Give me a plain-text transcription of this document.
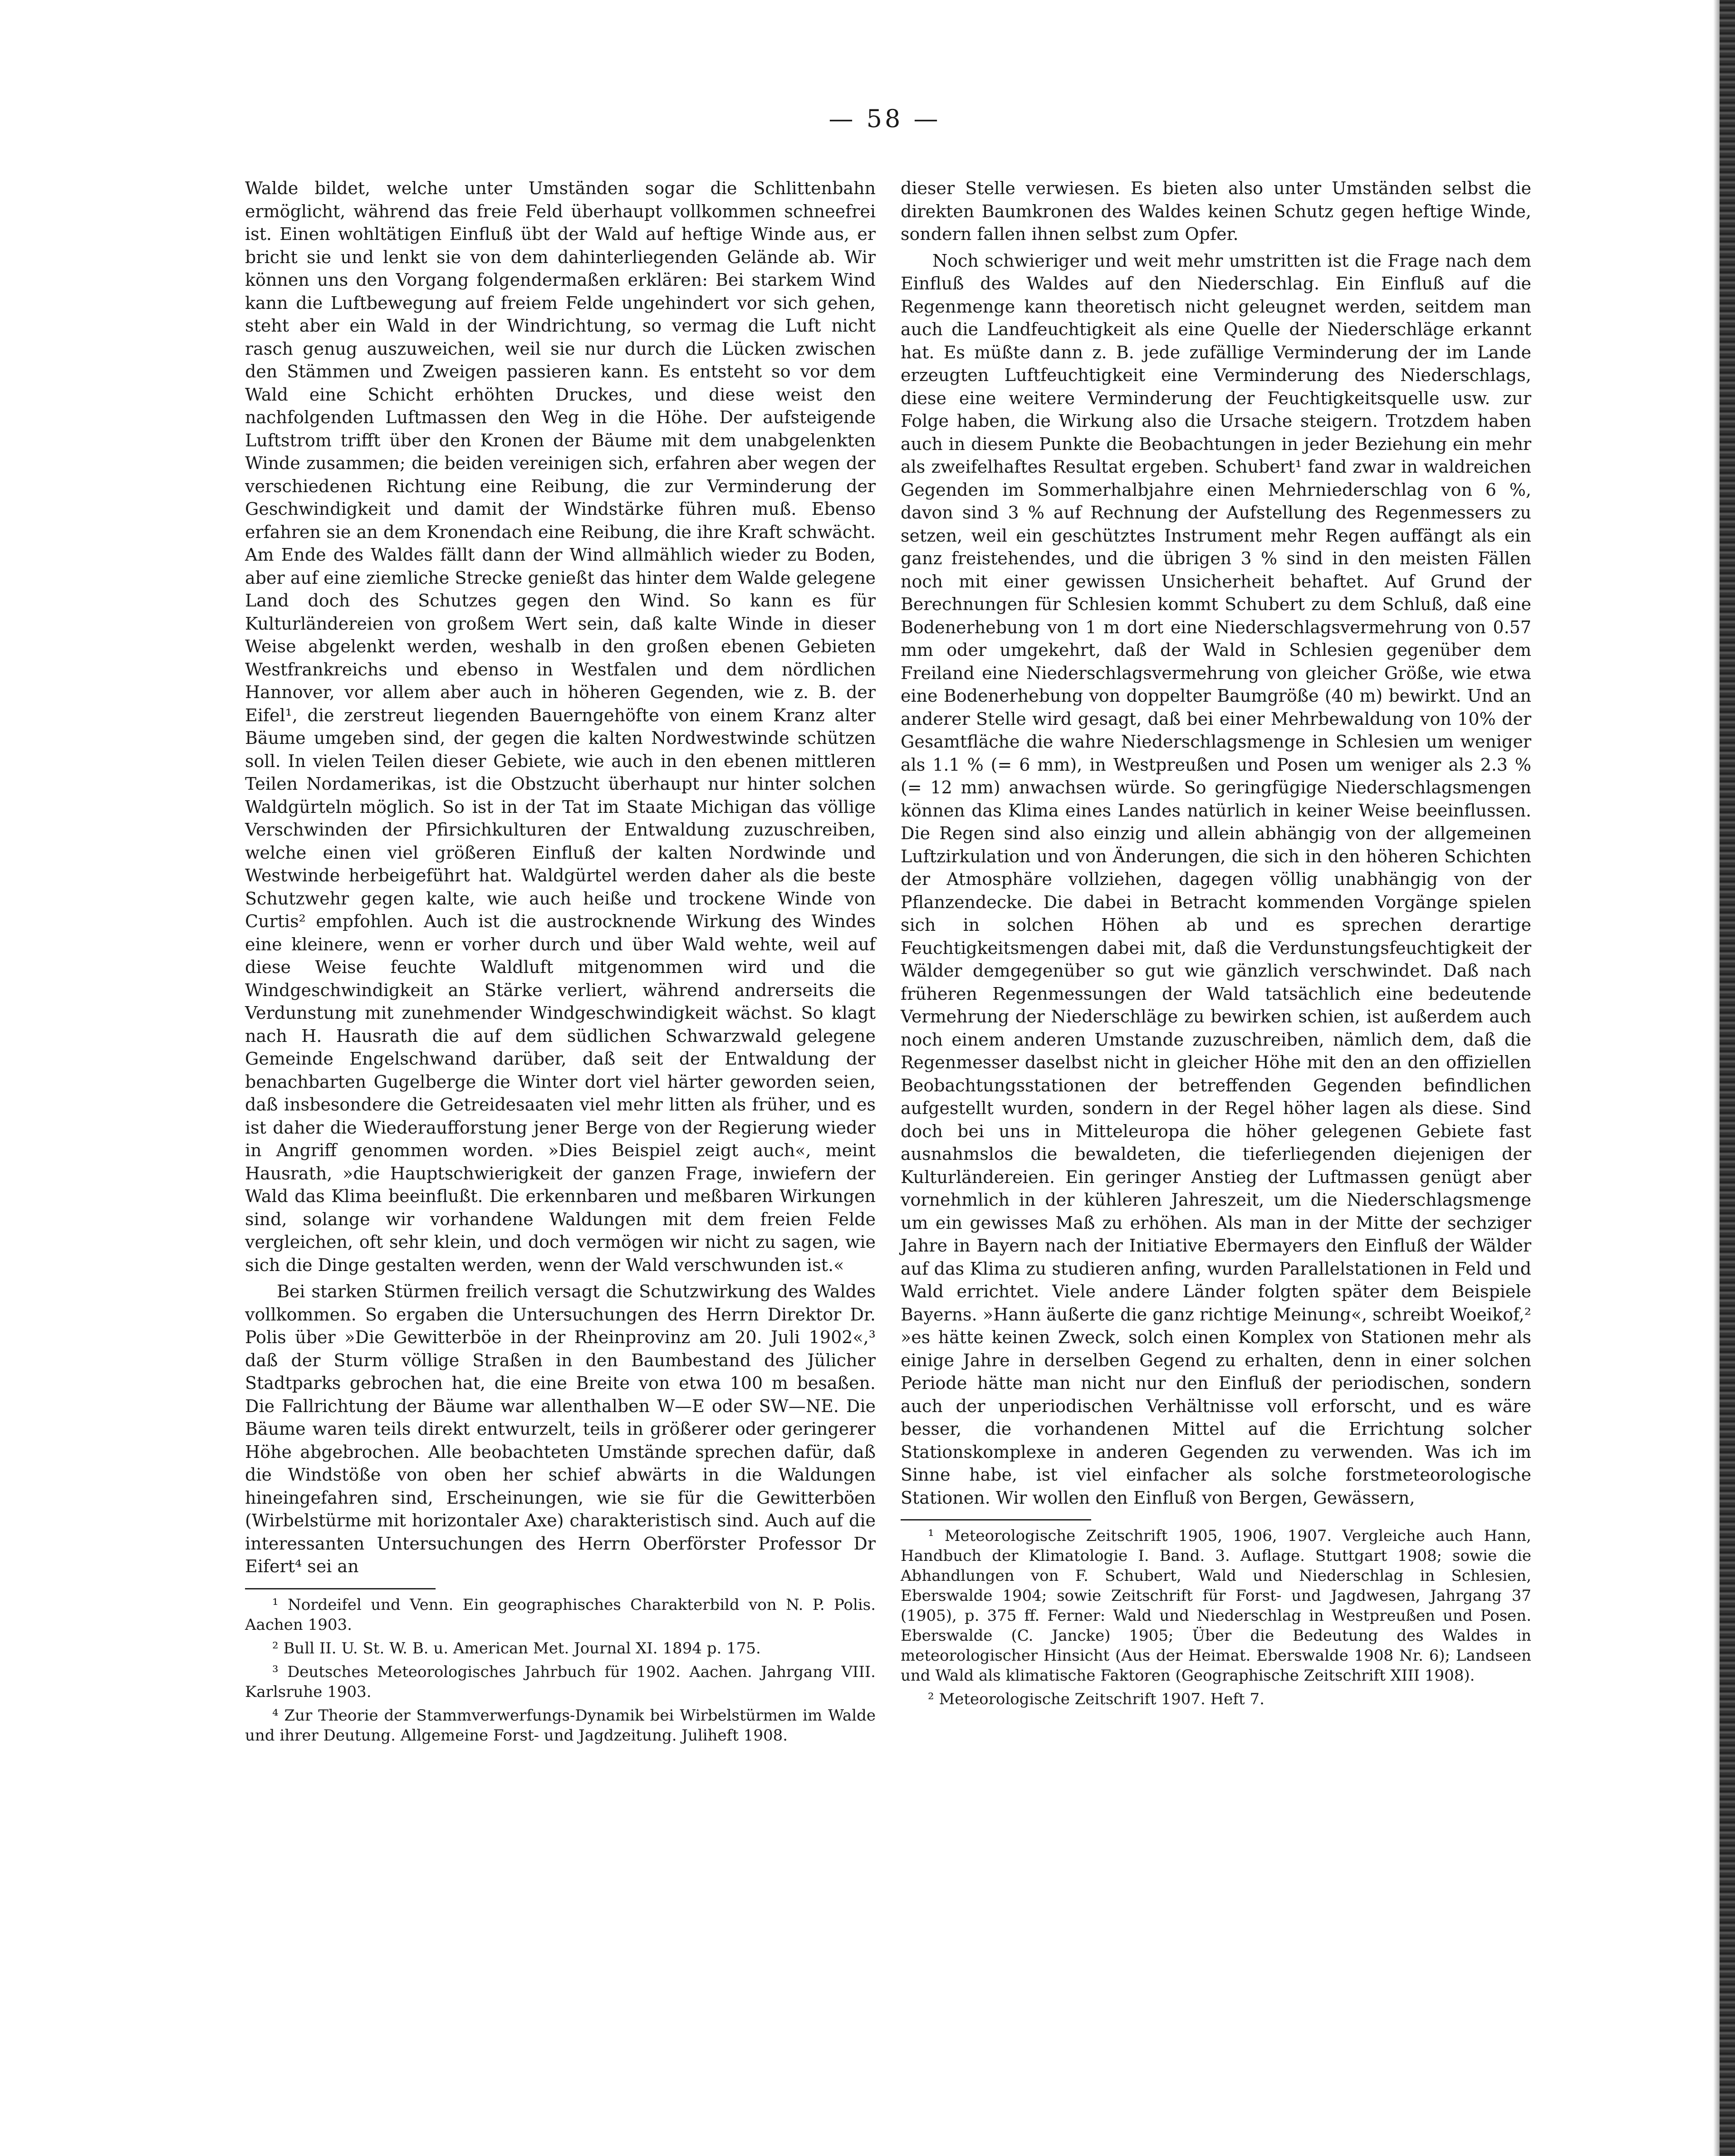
— 58 —

Walde bildet, welche unter Umständen sogar die Schlittenbahn ermöglicht, während das freie Feld überhaupt vollkommen schneefrei ist. Einen wohltätigen Einfluß übt der Wald auf heftige Winde aus, er bricht sie und lenkt sie von dem dahinterliegenden Gelände ab. Wir können uns den Vorgang folgendermaßen erklären: Bei starkem Wind kann die Luftbewegung auf freiem Felde ungehindert vor sich gehen, steht aber ein Wald in der Windrichtung, so vermag die Luft nicht rasch genug auszuweichen, weil sie nur durch die Lücken zwischen den Stämmen und Zweigen passieren kann. Es entsteht so vor dem Wald eine Schicht erhöhten Druckes, und diese weist den nachfolgenden Luftmassen den Weg in die Höhe. Der aufsteigende Luftstrom trifft über den Kronen der Bäume mit dem unabgelenkten Winde zusammen; die beiden vereinigen sich, erfahren aber wegen der verschiedenen Richtung eine Reibung, die zur Verminderung der Geschwindigkeit und damit der Windstärke führen muß. Ebenso erfahren sie an dem Kronendach eine Reibung, die ihre Kraft schwächt. Am Ende des Waldes fällt dann der Wind allmählich wieder zu Boden, aber auf eine ziemliche Strecke genießt das hinter dem Walde gelegene Land doch des Schutzes gegen den Wind. So kann es für Kulturländereien von großem Wert sein, daß kalte Winde in dieser Weise abgelenkt werden, weshalb in den großen ebenen Gebieten Westfrankreichs und ebenso in Westfalen und dem nördlichen Hannover, vor allem aber auch in höheren Gegenden, wie z. B. der Eifel¹, die zerstreut liegenden Bauerngehöfte von einem Kranz alter Bäume umgeben sind, der gegen die kalten Nordwestwinde schützen soll. In vielen Teilen dieser Gebiete, wie auch in den ebenen mittleren Teilen Nordamerikas, ist die Obstzucht überhaupt nur hinter solchen Waldgürteln möglich. So ist in der Tat im Staate Michigan das völlige Verschwinden der Pfirsichkulturen der Entwaldung zuzuschreiben, welche einen viel größeren Einfluß der kalten Nordwinde und Westwinde herbeigeführt hat. Waldgürtel werden daher als die beste Schutzwehr gegen kalte, wie auch heiße und trockene Winde von Curtis² empfohlen. Auch ist die austrocknende Wirkung des Windes eine kleinere, wenn er vorher durch und über Wald wehte, weil auf diese Weise feuchte Waldluft mitgenommen wird und die Windgeschwindigkeit an Stärke verliert, während andrerseits die Verdunstung mit zunehmender Windgeschwindigkeit wächst. So klagt nach H. Hausrath die auf dem südlichen Schwarzwald gelegene Gemeinde Engelschwand darüber, daß seit der Entwaldung der benachbarten Gugelberge die Winter dort viel härter geworden seien, daß insbesondere die Getreidesaaten viel mehr litten als früher, und es ist daher die Wiederaufforstung jener Berge von der Regierung wieder in Angriff genommen worden. »Dies Beispiel zeigt auch«, meint Hausrath, »die Hauptschwierigkeit der ganzen Frage, inwiefern der Wald das Klima beeinflußt. Die erkennbaren und meßbaren Wirkungen sind, solange wir vorhandene Waldungen mit dem freien Felde vergleichen, oft sehr klein, und doch vermögen wir nicht zu sagen, wie sich die Dinge gestalten werden, wenn der Wald verschwunden ist.«

Bei starken Stürmen freilich versagt die Schutzwirkung des Waldes vollkommen. So ergaben die Untersuchungen des Herrn Direktor Dr. Polis über »Die Gewitterböe in der Rheinprovinz am 20. Juli 1902«,³ daß der Sturm völlige Straßen in den Baumbestand des Jülicher Stadtparks gebrochen hat, die eine Breite von etwa 100 m besaßen. Die Fallrichtung der Bäume war allenthalben W—E oder SW—NE. Die Bäume waren teils direkt entwurzelt, teils in größerer oder geringerer Höhe abgebrochen. Alle beobachteten Umstände sprechen dafür, daß die Windstöße von oben her schief abwärts in die Waldungen hineingefahren sind, Erscheinungen, wie sie für die Gewitterböen (Wirbelstürme mit horizontaler Axe) charakteristisch sind. Auch auf die interessanten Untersuchungen des Herrn Oberförster Professor Dr Eifert⁴ sei an

¹ Nordeifel und Venn. Ein geographisches Charakterbild von N. P. Polis. Aachen 1903.

² Bull II. U. St. W. B. u. American Met. Journal XI. 1894 p. 175.

³ Deutsches Meteorologisches Jahrbuch für 1902. Aachen. Jahrgang VIII. Karlsruhe 1903.

⁴ Zur Theorie der Stammverwerfungs-Dynamik bei Wirbelstürmen im Walde und ihrer Deutung. Allgemeine Forst- und Jagdzeitung. Juliheft 1908.

dieser Stelle verwiesen. Es bieten also unter Umständen selbst die direkten Baumkronen des Waldes keinen Schutz gegen heftige Winde, sondern fallen ihnen selbst zum Opfer.

Noch schwieriger und weit mehr umstritten ist die Frage nach dem Einfluß des Waldes auf den Niederschlag. Ein Einfluß auf die Regenmenge kann theoretisch nicht geleugnet werden, seitdem man auch die Landfeuchtigkeit als eine Quelle der Niederschläge erkannt hat. Es müßte dann z. B. jede zufällige Verminderung der im Lande erzeugten Luftfeuchtigkeit eine Verminderung des Niederschlags, diese eine weitere Verminderung der Feuchtigkeitsquelle usw. zur Folge haben, die Wirkung also die Ursache steigern. Trotzdem haben auch in diesem Punkte die Beobachtungen in jeder Beziehung ein mehr als zweifelhaftes Resultat ergeben. Schubert¹ fand zwar in waldreichen Gegenden im Sommerhalbjahre einen Mehrniederschlag von 6 %, davon sind 3 % auf Rechnung der Aufstellung des Regenmessers zu setzen, weil ein geschütztes Instrument mehr Regen auffängt als ein ganz freistehendes, und die übrigen 3 % sind in den meisten Fällen noch mit einer gewissen Unsicherheit behaftet. Auf Grund der Berechnungen für Schlesien kommt Schubert zu dem Schluß, daß eine Bodenerhebung von 1 m dort eine Niederschlagsvermehrung von 0.57 mm oder umgekehrt, daß der Wald in Schlesien gegenüber dem Freiland eine Niederschlagsvermehrung von gleicher Größe, wie etwa eine Bodenerhebung von doppelter Baumgröße (40 m) bewirkt. Und an anderer Stelle wird gesagt, daß bei einer Mehrbewaldung von 10% der Gesamtfläche die wahre Niederschlagsmenge in Schlesien um weniger als 1.1 % (= 6 mm), in Westpreußen und Posen um weniger als 2.3 % (= 12 mm) anwachsen würde. So geringfügige Niederschlagsmengen können das Klima eines Landes natürlich in keiner Weise beeinflussen. Die Regen sind also einzig und allein abhängig von der allgemeinen Luftzirkulation und von Änderungen, die sich in den höheren Schichten der Atmosphäre vollziehen, dagegen völlig unabhängig von der Pflanzendecke. Die dabei in Betracht kommenden Vorgänge spielen sich in solchen Höhen ab und es sprechen derartige Feuchtigkeitsmengen dabei mit, daß die Verdunstungsfeuchtigkeit der Wälder demgegenüber so gut wie gänzlich verschwindet. Daß nach früheren Regenmessungen der Wald tatsächlich eine bedeutende Vermehrung der Niederschläge zu bewirken schien, ist außerdem auch noch einem anderen Umstande zuzuschreiben, nämlich dem, daß die Regenmesser daselbst nicht in gleicher Höhe mit den an den offiziellen Beobachtungsstationen der betreffenden Gegenden befindlichen aufgestellt wurden, sondern in der Regel höher lagen als diese. Sind doch bei uns in Mitteleuropa die höher gelegenen Gebiete fast ausnahmslos die bewaldeten, die tieferliegenden diejenigen der Kulturländereien. Ein geringer Anstieg der Luftmassen genügt aber vornehmlich in der kühleren Jahreszeit, um die Niederschlagsmenge um ein gewisses Maß zu erhöhen. Als man in der Mitte der sechziger Jahre in Bayern nach der Initiative Ebermayers den Einfluß der Wälder auf das Klima zu studieren anfing, wurden Parallelstationen in Feld und Wald errichtet. Viele andere Länder folgten später dem Beispiele Bayerns. »Hann äußerte die ganz richtige Meinung«, schreibt Woeikof,² »es hätte keinen Zweck, solch einen Komplex von Stationen mehr als einige Jahre in derselben Gegend zu erhalten, denn in einer solchen Periode hätte man nicht nur den Einfluß der periodischen, sondern auch der unperiodischen Verhältnisse voll erforscht, und es wäre besser, die vorhandenen Mittel auf die Errichtung solcher Stationskomplexe in anderen Gegenden zu verwenden. Was ich im Sinne habe, ist viel einfacher als solche forstmeteorologische Stationen. Wir wollen den Einfluß von Bergen, Gewässern,

¹ Meteorologische Zeitschrift 1905, 1906, 1907. Vergleiche auch Hann, Handbuch der Klimatologie I. Band. 3. Auflage. Stuttgart 1908; sowie die Abhandlungen von F. Schubert, Wald und Niederschlag in Schlesien, Eberswalde 1904; sowie Zeitschrift für Forst- und Jagdwesen, Jahrgang 37 (1905), p. 375 ff. Ferner: Wald und Niederschlag in Westpreußen und Posen. Eberswalde (C. Jancke) 1905; Über die Bedeutung des Waldes in meteorologischer Hinsicht (Aus der Heimat. Eberswalde 1908 Nr. 6); Landseen und Wald als klimatische Faktoren (Geographische Zeitschrift XIII 1908).

² Meteorologische Zeitschrift 1907. Heft 7.
